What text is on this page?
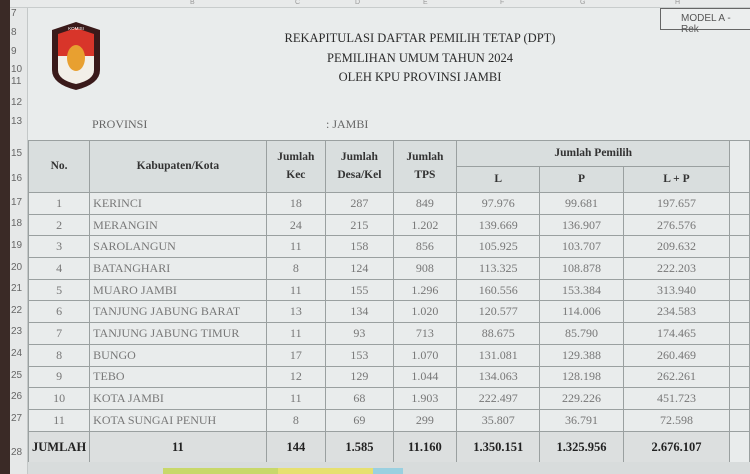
B	C	D	E	F	G	H
7
8
9
10
11
12
13
15
16
17
18
19
20
21
22
23
24
25
26
27
28
KOMISI
MODEL A - Rek
REKAPITULASI DAFTAR PEMILIH TETAP (DPT)
PEMILIHAN UMUM TAHUN 2024
OLEH KPU PROVINSI JAMBI
PROVINSI	: JAMBI
No.	Kabupaten/Kota	Jumlah Kec	Jumlah Desa/Kel	Jumlah TPS	Jumlah Pemilih			
					L	P	L + P	
1	KERINCI	18	287	849	97.976	99.681	197.657	
2	MERANGIN	24	215	1.202	139.669	136.907	276.576	
3	SAROLANGUN	11	158	856	105.925	103.707	209.632	
4	BATANGHARI	8	124	908	113.325	108.878	222.203	
5	MUARO JAMBI	11	155	1.296	160.556	153.384	313.940	
6	TANJUNG JABUNG BARAT	13	134	1.020	120.577	114.006	234.583	
7	TANJUNG JABUNG TIMUR	11	93	713	88.675	85.790	174.465	
8	BUNGO	17	153	1.070	131.081	129.388	260.469	
9	TEBO	12	129	1.044	134.063	128.198	262.261	
10	KOTA JAMBI	11	68	1.903	222.497	229.226	451.723	
11	KOTA SUNGAI PENUH	8	69	299	35.807	36.791	72.598	
JUMLAH	11	144	1.585	11.160	1.350.151	1.325.956	2.676.107	
